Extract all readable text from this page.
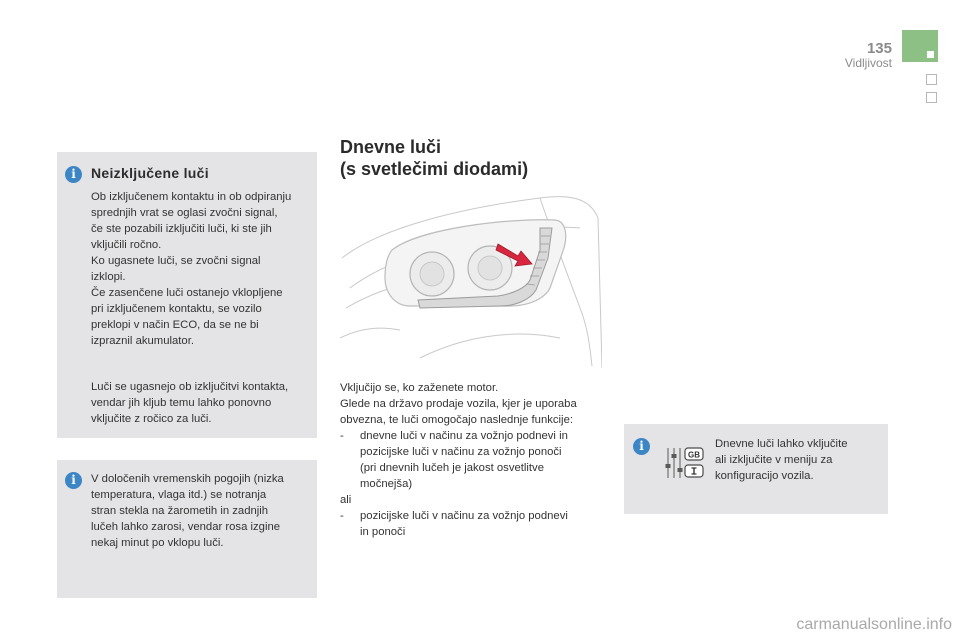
135
Vidljivost
i	Neizključene luči

Ob izključenem kontaktu in ob odpiranju
sprednjih vrat se oglasi zvočni signal,
če ste pozabili izključiti luči, ki ste jih
vključili ročno.
Ko ugasnete luči, se zvočni signal
izklopi.
Če zasenčene luči ostanejo vklopljene
pri izključenem kontaktu, se vozilo
preklopi v način ECO, da se ne bi
izpraznil akumulator.

Luči se ugasnejo ob izključitvi kontakta,
vendar jih kljub temu lahko ponovno
vključite z ročico za luči.

i	V določenih vremenskih pogojih (nizka
temperatura, vlaga itd.) se notranja
stran stekla na žarometih in zadnjih
lučeh lahko zarosi, vendar rosa izgine
nekaj minut po vklopu luči.

Dnevne luči
(s svetlečimi diodami)
Vključijo se, ko zaženete motor.
Glede na državo prodaje vozila, kjer je uporaba
obvezna, te luči omogočajo naslednje funkcije:
-	dnevne luči v načinu za vožnjo podnevi in
pozicijske luči v načinu za vožnjo ponoči
(pri dnevnih lučeh je jakost osvetlitve
močnejša)
ali
-	pozicijske luči v načinu za vožnjo podnevi
in ponoči
i	Dnevne luči lahko vključite
ali izključite v meniju za
konfiguracijo vozila.

GB
carmanualsonline.info
